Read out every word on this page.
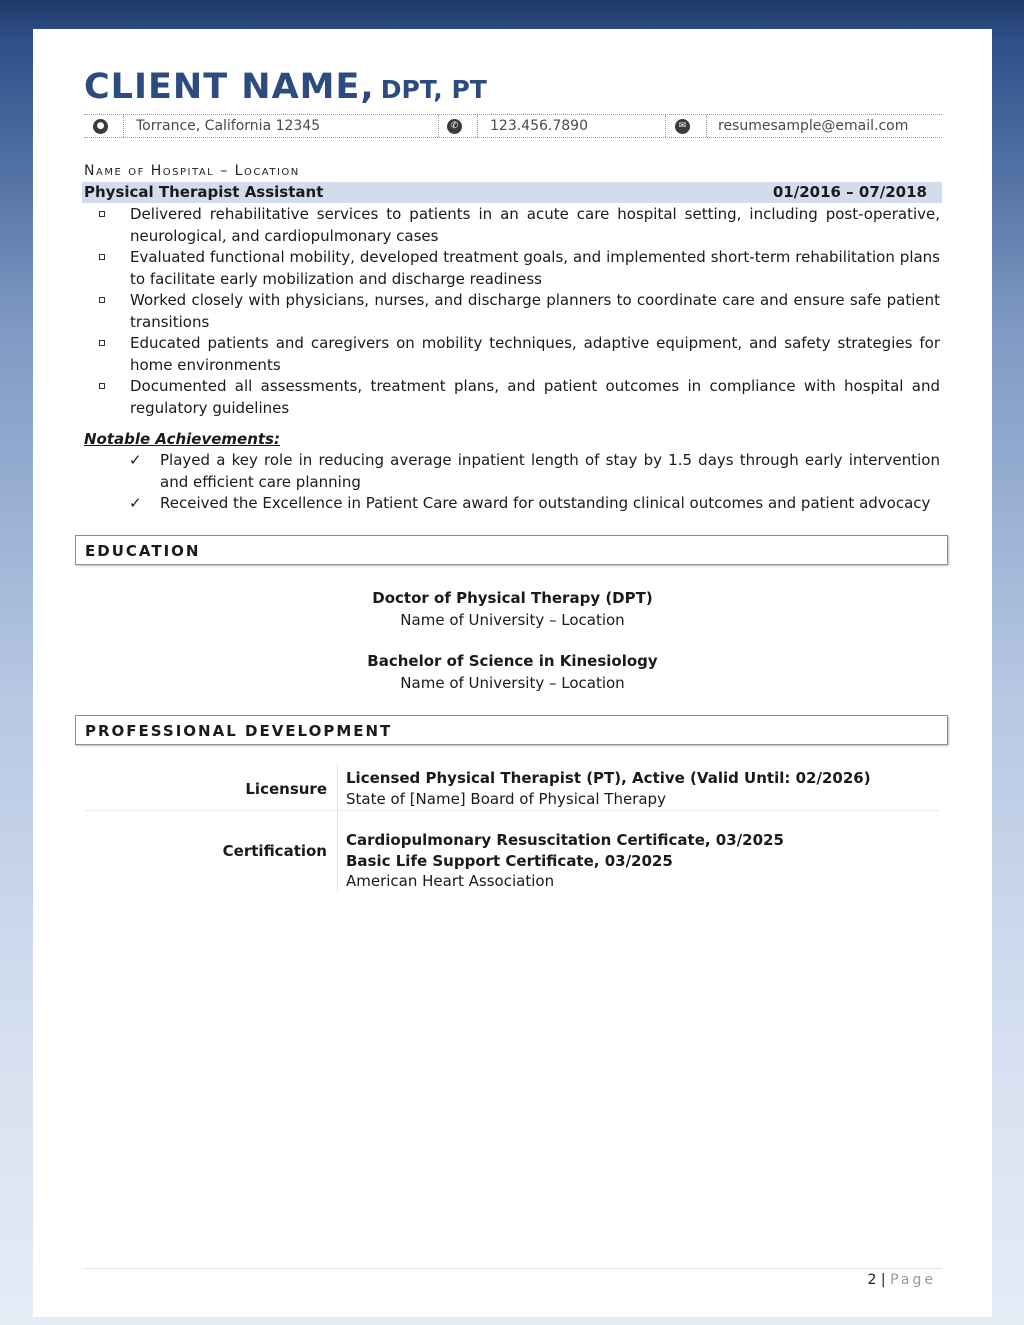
CLIENT NAME, DPT, PT
● Torrance, California 12345	✆ 123.456.7890	✉ resumesample@email.com
Name of Hospital – Location
Physical Therapist Assistant	01/2016 – 07/2018
Delivered rehabilitative services to patients in an acute care hospital setting, including post-operative, neurological, and cardiopulmonary cases
Evaluated functional mobility, developed treatment goals, and implemented short-term rehabilitation plans to facilitate early mobilization and discharge readiness
Worked closely with physicians, nurses, and discharge planners to coordinate care and ensure safe patient transitions
Educated patients and caregivers on mobility techniques, adaptive equipment, and safety strategies for home environments
Documented all assessments, treatment plans, and patient outcomes in compliance with hospital and regulatory guidelines
Notable Achievements:
✓ Played a key role in reducing average inpatient length of stay by 1.5 days through early intervention and efficient care planning
✓ Received the Excellence in Patient Care award for outstanding clinical outcomes and patient advocacy
EDUCATION
Doctor of Physical Therapy (DPT)
Name of University – Location
Bachelor of Science in Kinesiology
Name of University – Location
PROFESSIONAL DEVELOPMENT
Licensure
Licensed Physical Therapist (PT), Active (Valid Until: 02/2026)
State of [Name] Board of Physical Therapy
Certification
Cardiopulmonary Resuscitation Certificate, 03/2025
Basic Life Support Certificate, 03/2025
American Heart Association
2 | Page
